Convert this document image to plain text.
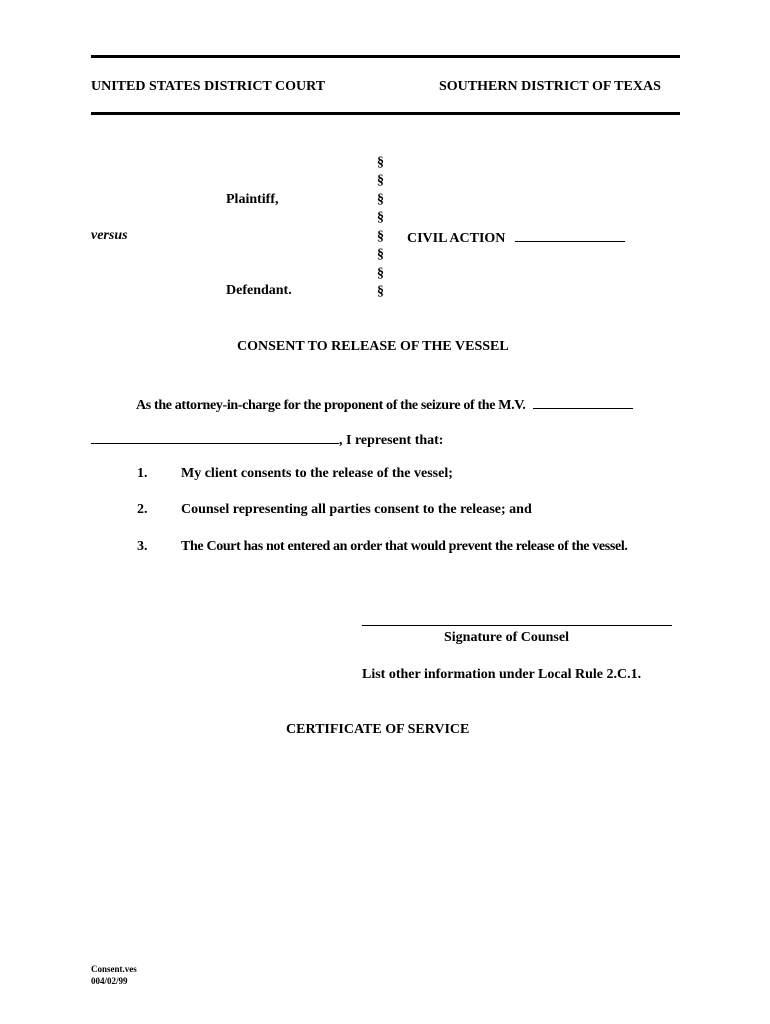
UNITED STATES DISTRICT COURT	SOUTHERN DISTRICT OF TEXAS
§
§
§
§
§
§
§
§
Plaintiff,
versus	CIVIL ACTION
Defendant.
CONSENT TO RELEASE OF THE VESSEL
As the attorney-in-charge for the proponent of the seizure of the M.V.
, I represent that:
1. My client consents to the release of the vessel;
2. Counsel representing all parties consent to the release; and
3. The Court has not entered an order that would prevent the release of the vessel.
Signature of Counsel
List other information under Local Rule 2.C.1.
CERTIFICATE OF SERVICE
Consent.ves
004/02/99
